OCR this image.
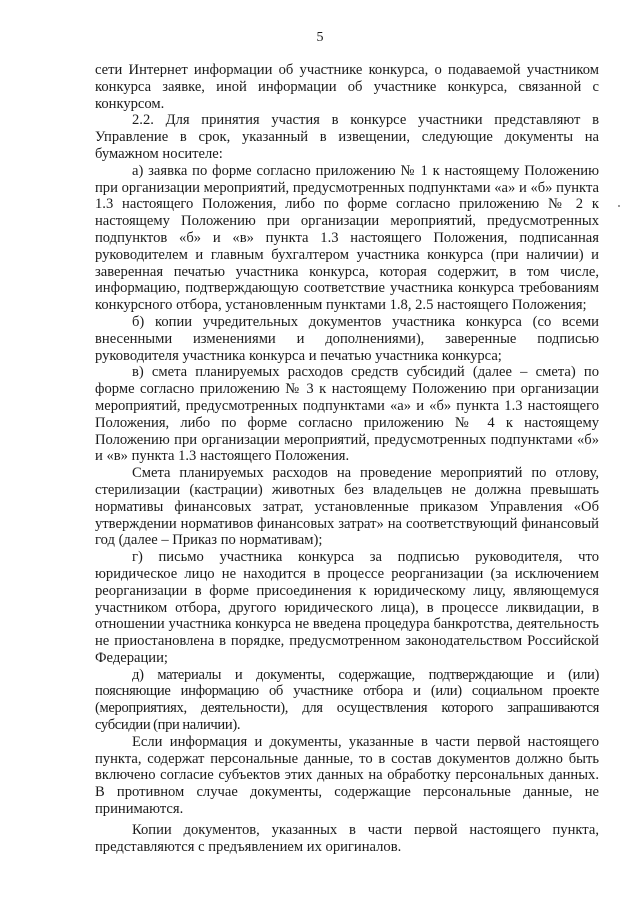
5

сети Интернет информации об участнике конкурса, о подаваемой участником конкурса заявке, иной информации об участнике конкурса, связанной с конкурсом.

2.2. Для принятия участия в конкурсе участники представляют в Управление в срок, указанный в извещении, следующие документы на бумажном носителе:

а) заявка по форме согласно приложению № 1 к настоящему Положению при организации мероприятий, предусмотренных подпунктами «а» и «б» пункта 1.3 настоящего Положения, либо по форме согласно приложению № 2 к настоящему Положению при организации мероприятий, предусмотренных подпунктов «б» и «в» пункта 1.3 настоящего Положения, подписанная руководителем и главным бухгалтером участника конкурса (при наличии) и заверенная печатью участника конкурса, которая содержит, в том числе, информацию, подтверждающую соответствие участника конкурса требованиям конкурсного отбора, установленным пунктами 1.8, 2.5 настоящего Положения;

б) копии учредительных документов участника конкурса (со всеми внесенными изменениями и дополнениями), заверенные подписью руководителя участника конкурса и печатью участника конкурса;

в) смета планируемых расходов средств субсидий (далее – смета) по форме согласно приложению № 3 к настоящему Положению при организации мероприятий, предусмотренных подпунктами «а» и «б» пункта 1.3 настоящего Положения, либо по форме согласно приложению № 4 к настоящему Положению при организации мероприятий, предусмотренных подпунктами «б» и «в» пункта 1.3 настоящего Положения.

Смета планируемых расходов на проведение мероприятий по отлову, стерилизации (кастрации) животных без владельцев не должна превышать нормативы финансовых затрат, установленные приказом Управления «Об утверждении нормативов финансовых затрат» на соответствующий финансовый год (далее – Приказ по нормативам);

г) письмо участника конкурса за подписью руководителя, что юридическое лицо не находится в процессе реорганизации (за исключением реорганизации в форме присоединения к юридическому лицу, являющемуся участником отбора, другого юридического лица), в процессе ликвидации, в отношении участника конкурса не введена процедура банкротства, деятельность не приостановлена в порядке, предусмотренном законодательством Российской Федерации;

д) материалы и документы, содержащие, подтверждающие и (или) поясняющие информацию об участнике отбора и (или) социальном проекте (мероприятиях, деятельности), для осуществления которого запрашиваются субсидии (при наличии).

Если информация и документы, указанные в части первой настоящего пункта, содержат персональные данные, то в состав документов должно быть включено согласие субъектов этих данных на обработку персональных данных. В противном случае документы, содержащие персональные данные, не принимаются.

Копии документов, указанных в части первой настоящего пункта, представляются с предъявлением их оригиналов.
